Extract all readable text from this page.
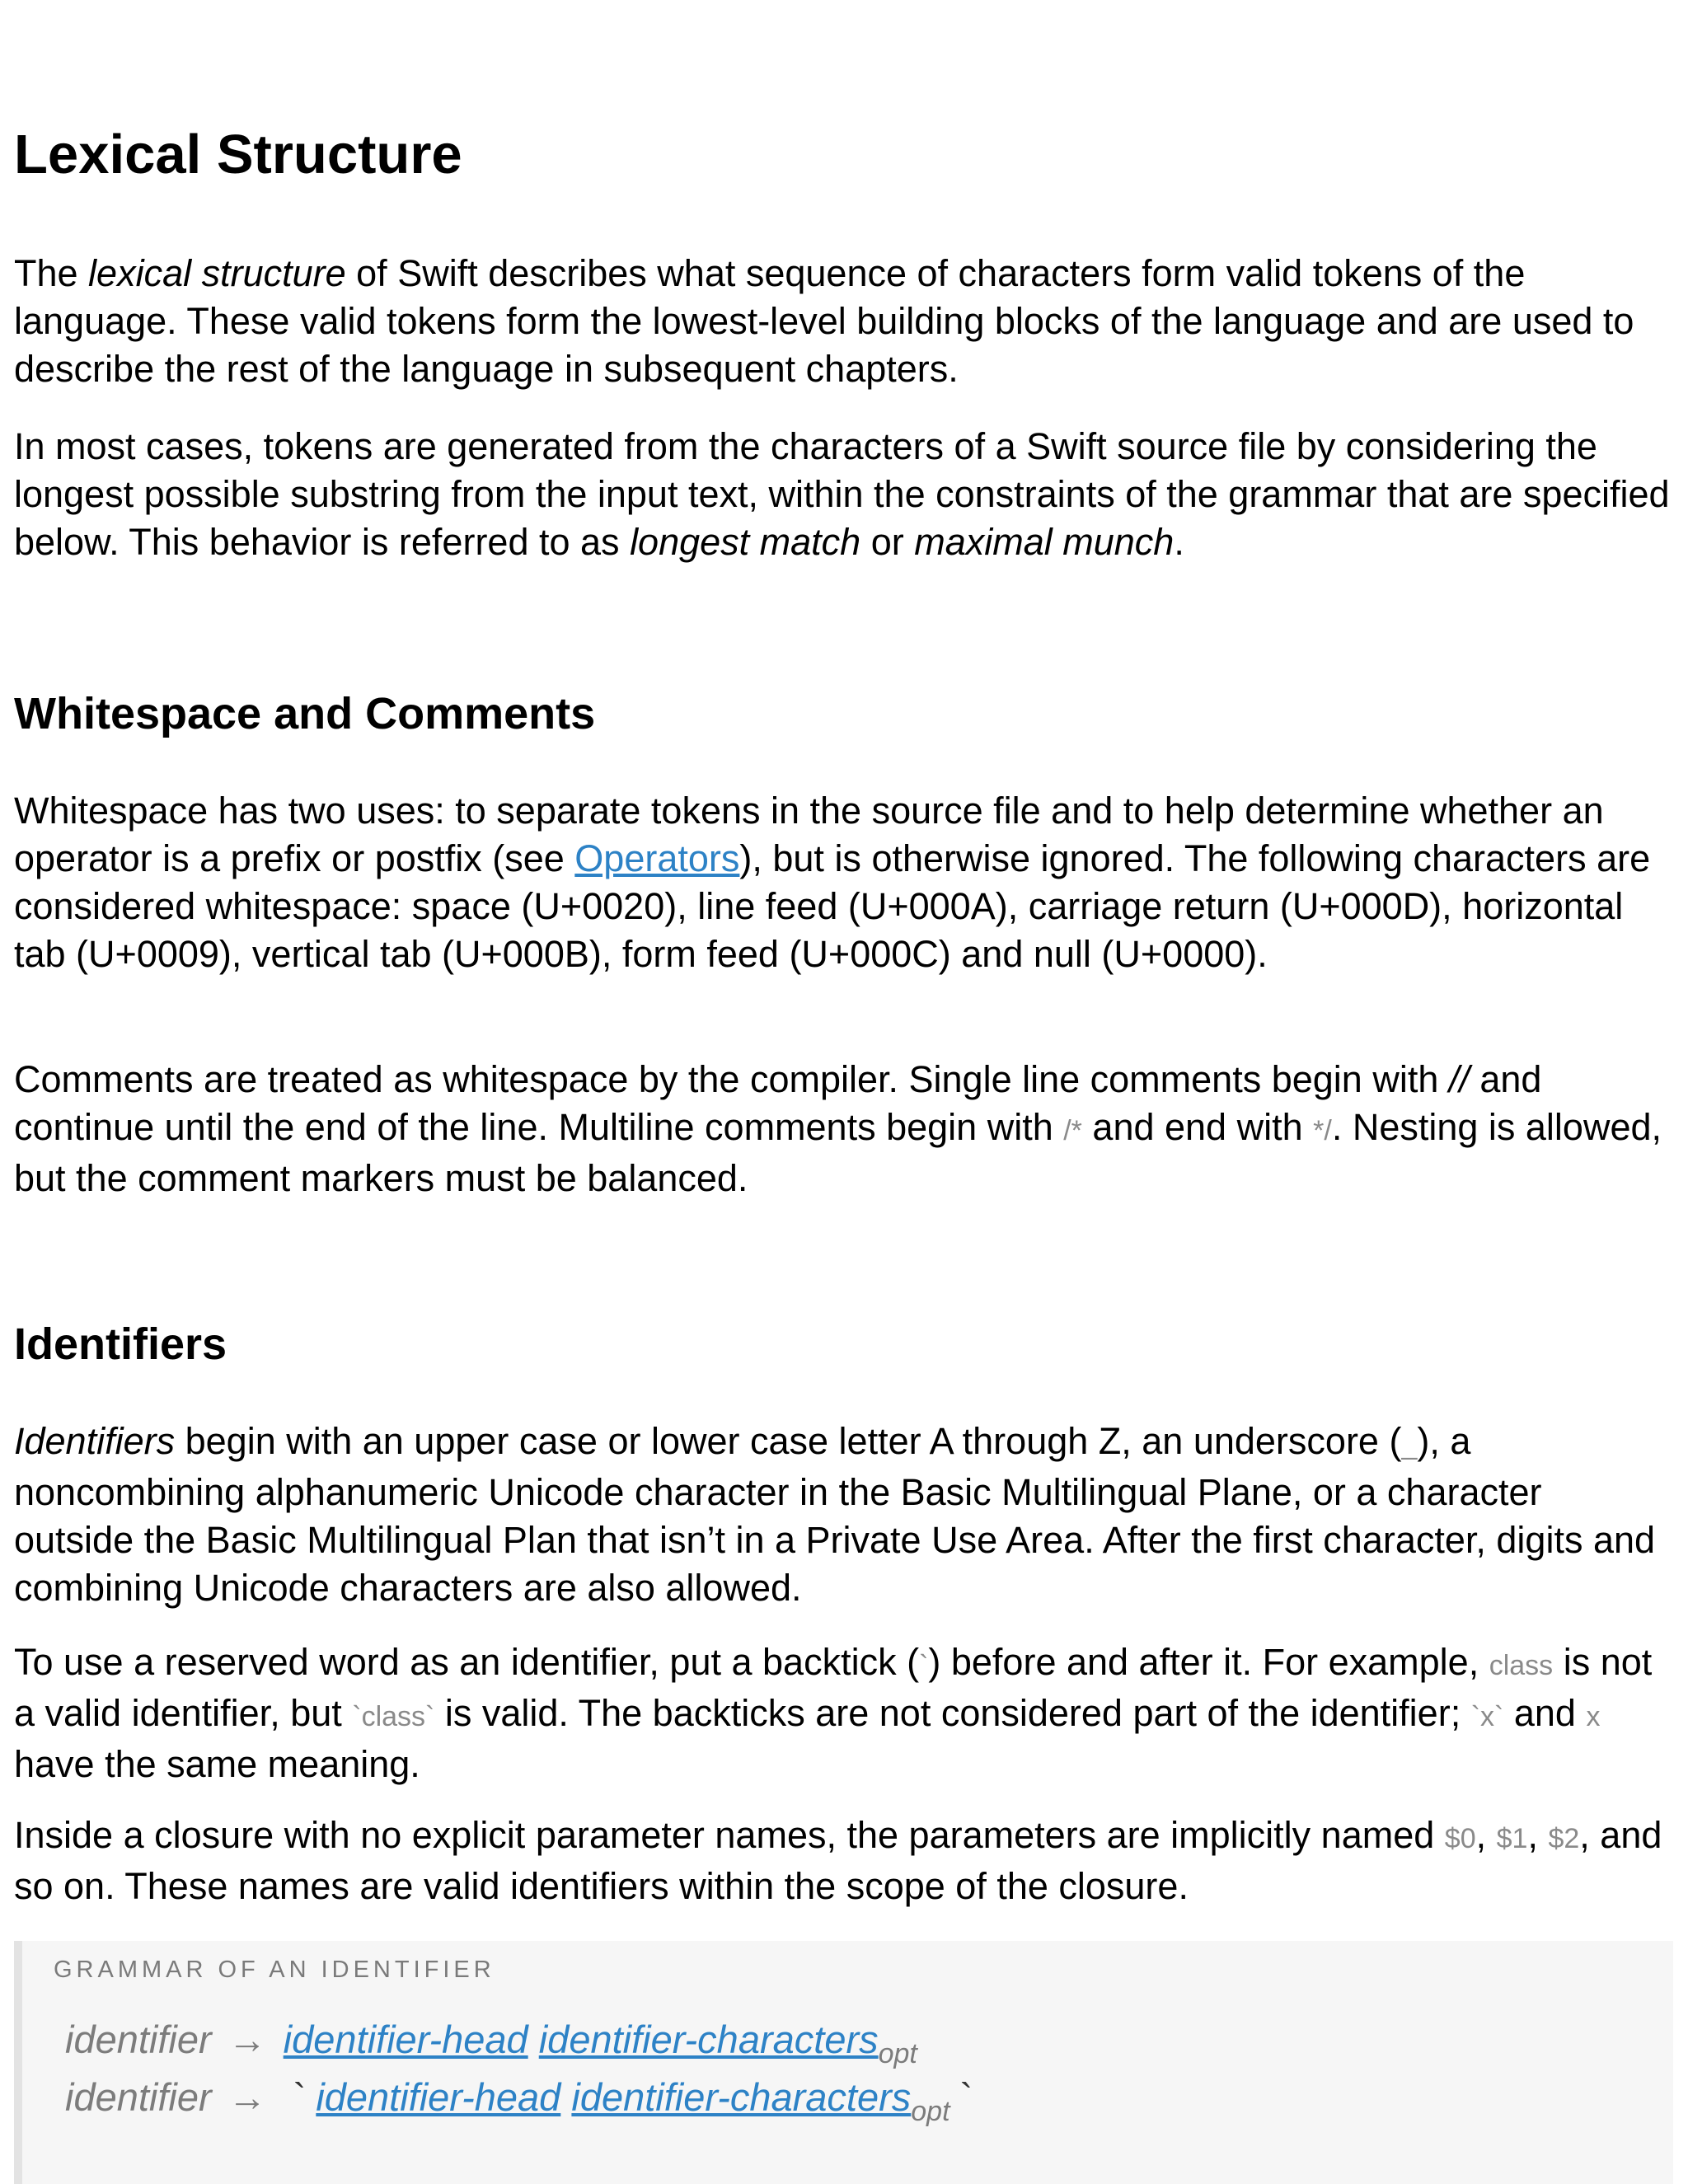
Lexical Structure

The lexical structure of Swift describes what sequence of characters form valid tokens of the language. These valid tokens form the lowest-level building blocks of the language and are used to describe the rest of the language in subsequent chapters.

In most cases, tokens are generated from the characters of a Swift source file by considering the longest possible substring from the input text, within the constraints of the grammar that are specified below. This behavior is referred to as longest match or maximal munch.

Whitespace and Comments

Whitespace has two uses: to separate tokens in the source file and to help determine whether an operator is a prefix or postfix (see Operators), but is otherwise ignored. The following characters are considered whitespace: space (U+0020), line feed (U+000A), carriage return (U+000D), horizontal tab (U+0009), vertical tab (U+000B), form feed (U+000C) and null (U+0000).

Comments are treated as whitespace by the compiler. Single line comments begin with // and continue until the end of the line. Multiline comments begin with /* and end with */. Nesting is allowed, but the comment markers must be balanced.

Identifiers

Identifiers begin with an upper case or lower case letter A through Z, an underscore (_), a noncombining alphanumeric Unicode character in the Basic Multilingual Plane, or a character outside the Basic Multilingual Plan that isn’t in a Private Use Area. After the first character, digits and combining Unicode characters are also allowed.

To use a reserved word as an identifier, put a backtick (`) before and after it. For example, class is not a valid identifier, but `class` is valid. The backticks are not considered part of the identifier; `x` and x have the same meaning.

Inside a closure with no explicit parameter names, the parameters are implicitly named $0, $1, $2, and so on. These names are valid identifiers within the scope of the closure.

GRAMMAR OF AN IDENTIFIER
identifier → identifier-head identifier-characters$_{opt}$
identifier → ` identifier-head identifier-characters$_{opt}$ `
